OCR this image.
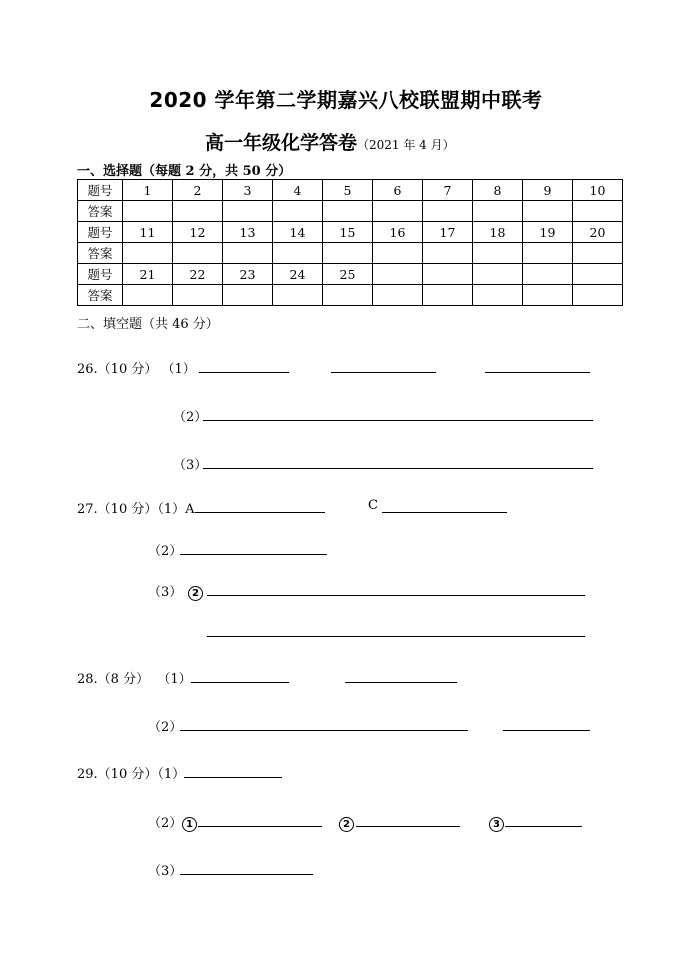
2020 学年第二学期嘉兴八校联盟期中联考
高一年级化学答卷（2021 年 4 月）
一、选择题（每题 2 分，共 50 分）
题号	1	2	3	4	5	6	7	8	9	10
答案										
题号	11	12	13	14	15	16	17	18	19	20
答案										
题号	21	22	23	24	25					
答案										
二、填空题（共 46 分）
26.（10 分） （1）
（2）
（3）
27.（10 分）（1）A	C
（2）
（3） 2
28.（8 分） （1）
（2）
29.（10 分）（1）
（2） 1	2	3
（3）
